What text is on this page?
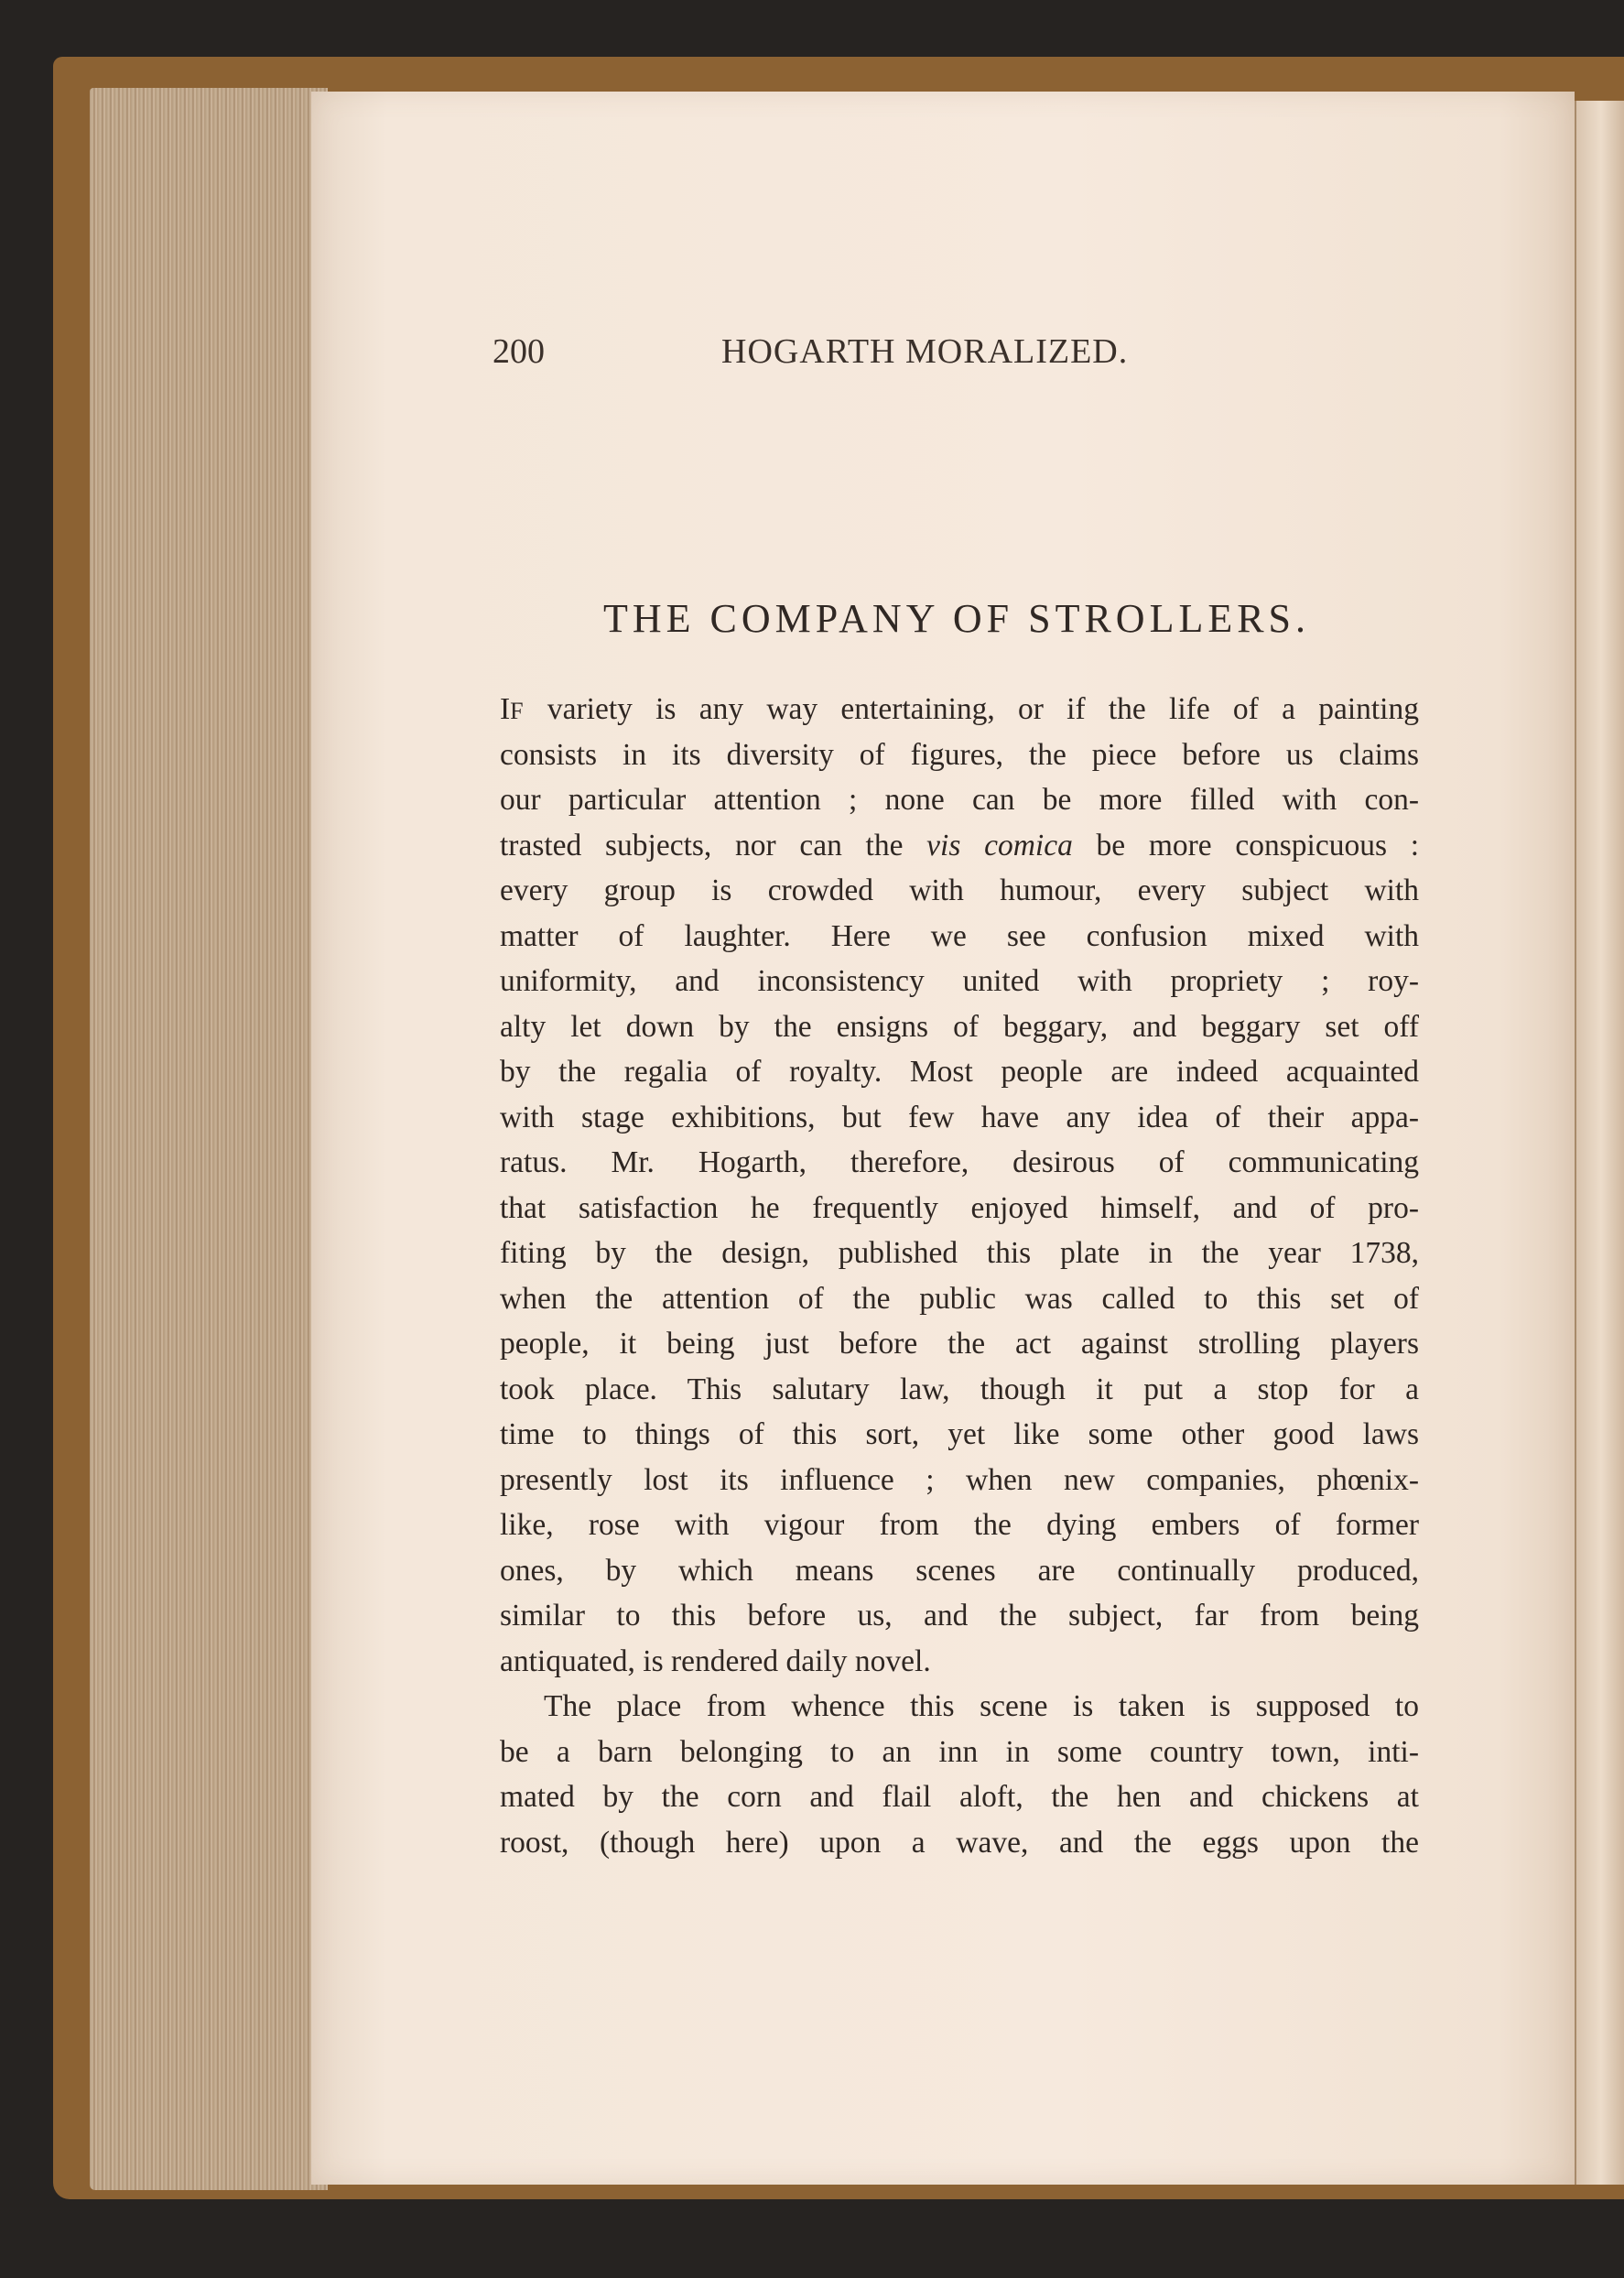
200	HOGARTH MORALIZED.
THE COMPANY OF STROLLERS.
IF variety is any way entertaining, or if the life of a painting
consists in its diversity of figures, the piece before us claims
our particular attention ; none can be more filled with con-
trasted subjects, nor can the vis comica be more conspicuous :
every group is crowded with humour, every subject with
matter of laughter. Here we see confusion mixed with
uniformity, and inconsistency united with propriety ; roy-
alty let down by the ensigns of beggary, and beggary set off
by the regalia of royalty. Most people are indeed acquainted
with stage exhibitions, but few have any idea of their appa-
ratus. Mr. Hogarth, therefore, desirous of communicating
that satisfaction he frequently enjoyed himself, and of pro-
fiting by the design, published this plate in the year 1738,
when the attention of the public was called to this set of
people, it being just before the act against strolling players
took place. This salutary law, though it put a stop for a
time to things of this sort, yet like some other good laws
presently lost its influence ; when new companies, phœnix-
like, rose with vigour from the dying embers of former
ones, by which means scenes are continually produced,
similar to this before us, and the subject, far from being
antiquated, is rendered daily novel.
The place from whence this scene is taken is supposed to
be a barn belonging to an inn in some country town, inti-
mated by the corn and flail aloft, the hen and chickens at
roost, (though here) upon a wave, and the eggs upon the
